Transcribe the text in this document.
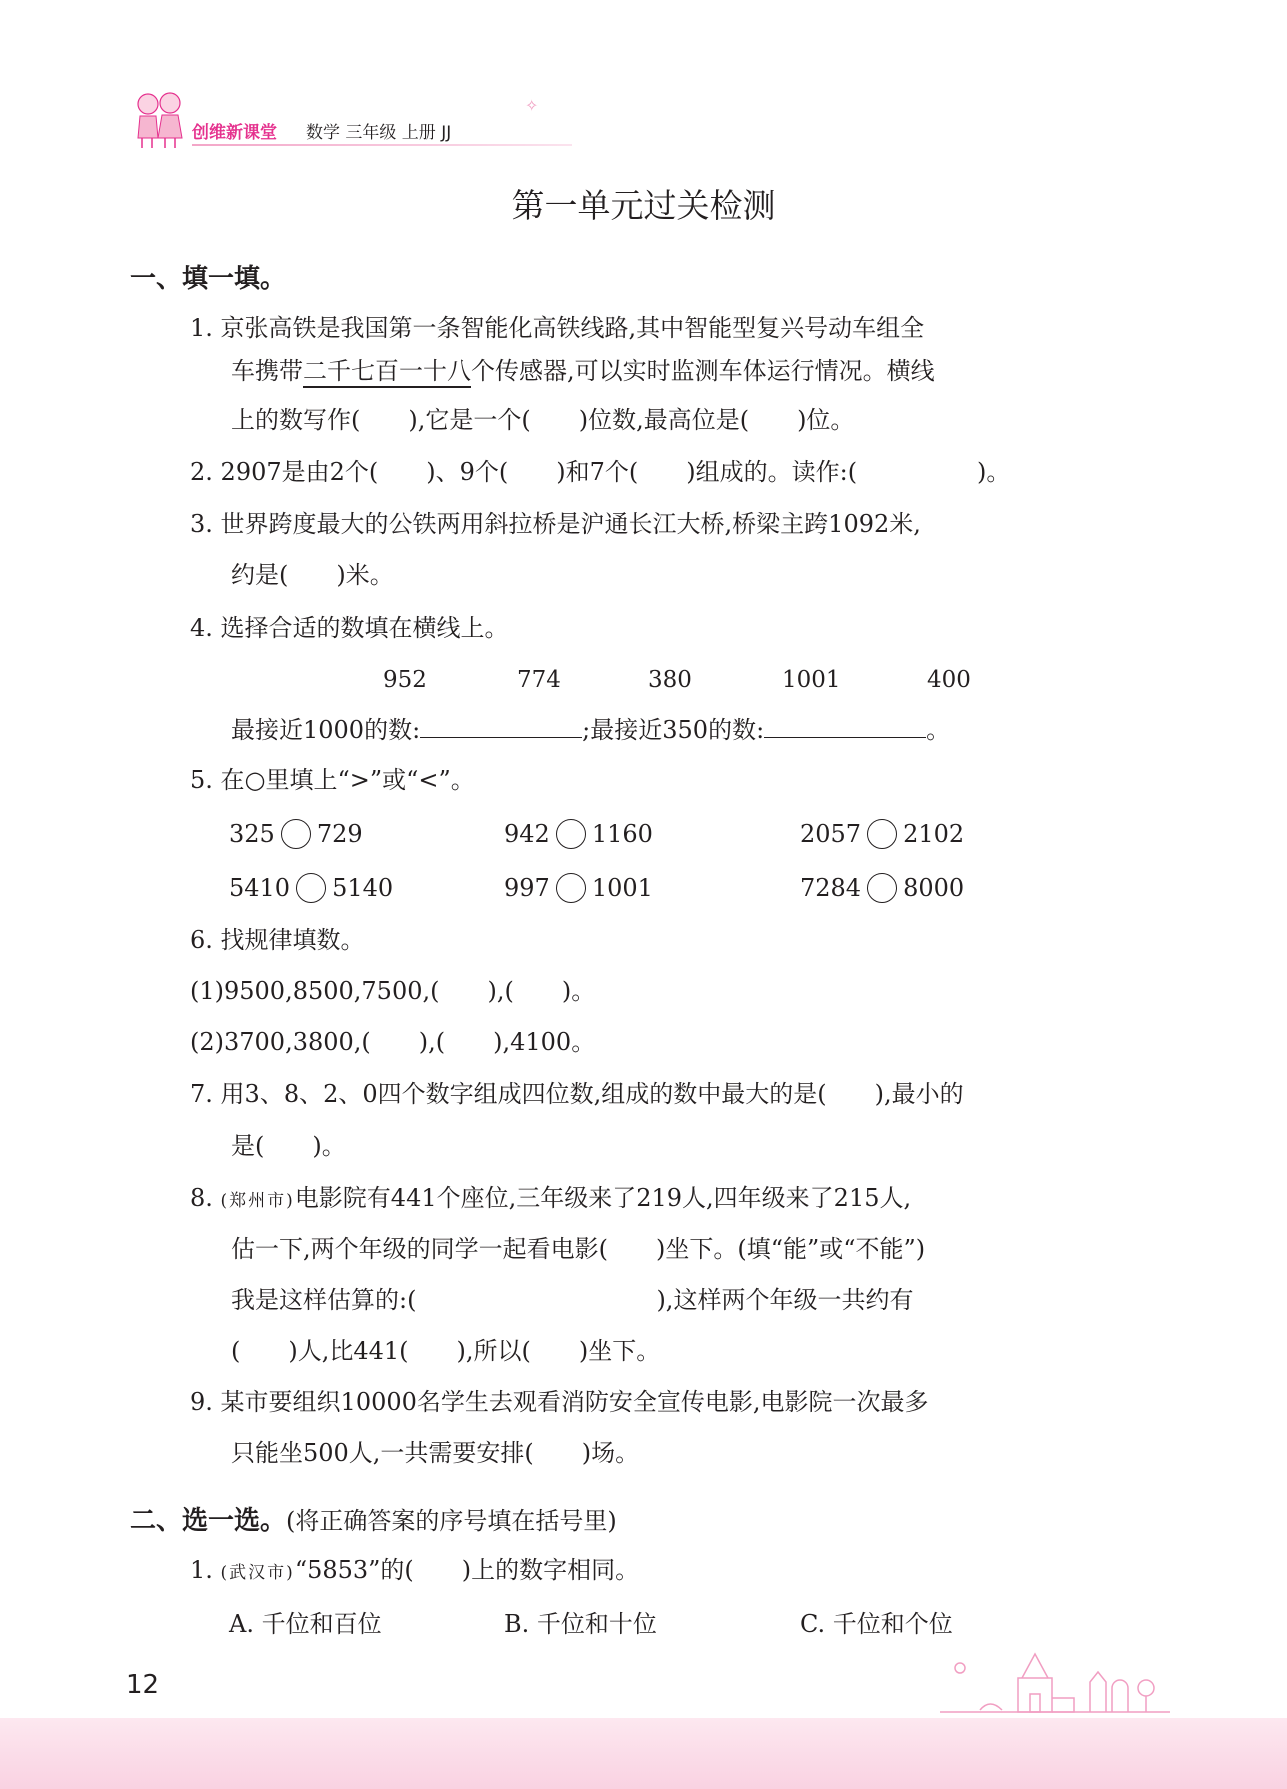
创维新课堂 数学 三年级 上册 JJ
✧
第一单元过关检测
一、填一填。
1. 京张高铁是我国第一条智能化高铁线路,其中智能型复兴号动车组全
车携带二千七百一十八个传感器,可以实时监测车体运行情况。横线
上的数写作(　　),它是一个(　　)位数,最高位是(　　)位。
2. 2907是由2个(　　)、9个(　　)和7个(　　)组成的。读作:(　　　　　)。
3. 世界跨度最大的公铁两用斜拉桥是沪通长江大桥,桥梁主跨1092米,
约是(　　)米。
4. 选择合适的数填在横线上。
952	774	380	1001	400
最接近1000的数:	;最接近350的数:	。
5. 在○里填上“>”或“<”。
325 729	942 1160	2057 2102
5410 5140	997 1001	7284 8000
6. 找规律填数。
(1)9500,8500,7500,(　　),(　　)。
(2)3700,3800,(　　),(　　),4100。
7. 用3、8、2、0四个数字组成四位数,组成的数中最大的是(　　),最小的
是(　　)。
8. (郑州市)电影院有441个座位,三年级来了219人,四年级来了215人,
估一下,两个年级的同学一起看电影(　　)坐下。(填“能”或“不能”)
我是这样估算的:(　　　　　　　　　　),这样两个年级一共约有
(　　)人,比441(　　),所以(　　)坐下。
9. 某市要组织10000名学生去观看消防安全宣传电影,电影院一次最多
只能坐500人,一共需要安排(　　)场。
二、选一选。(将正确答案的序号填在括号里)
1. (武汉市)“5853”的(　　)上的数字相同。
A. 千位和百位	B. 千位和十位	C. 千位和个位
12
